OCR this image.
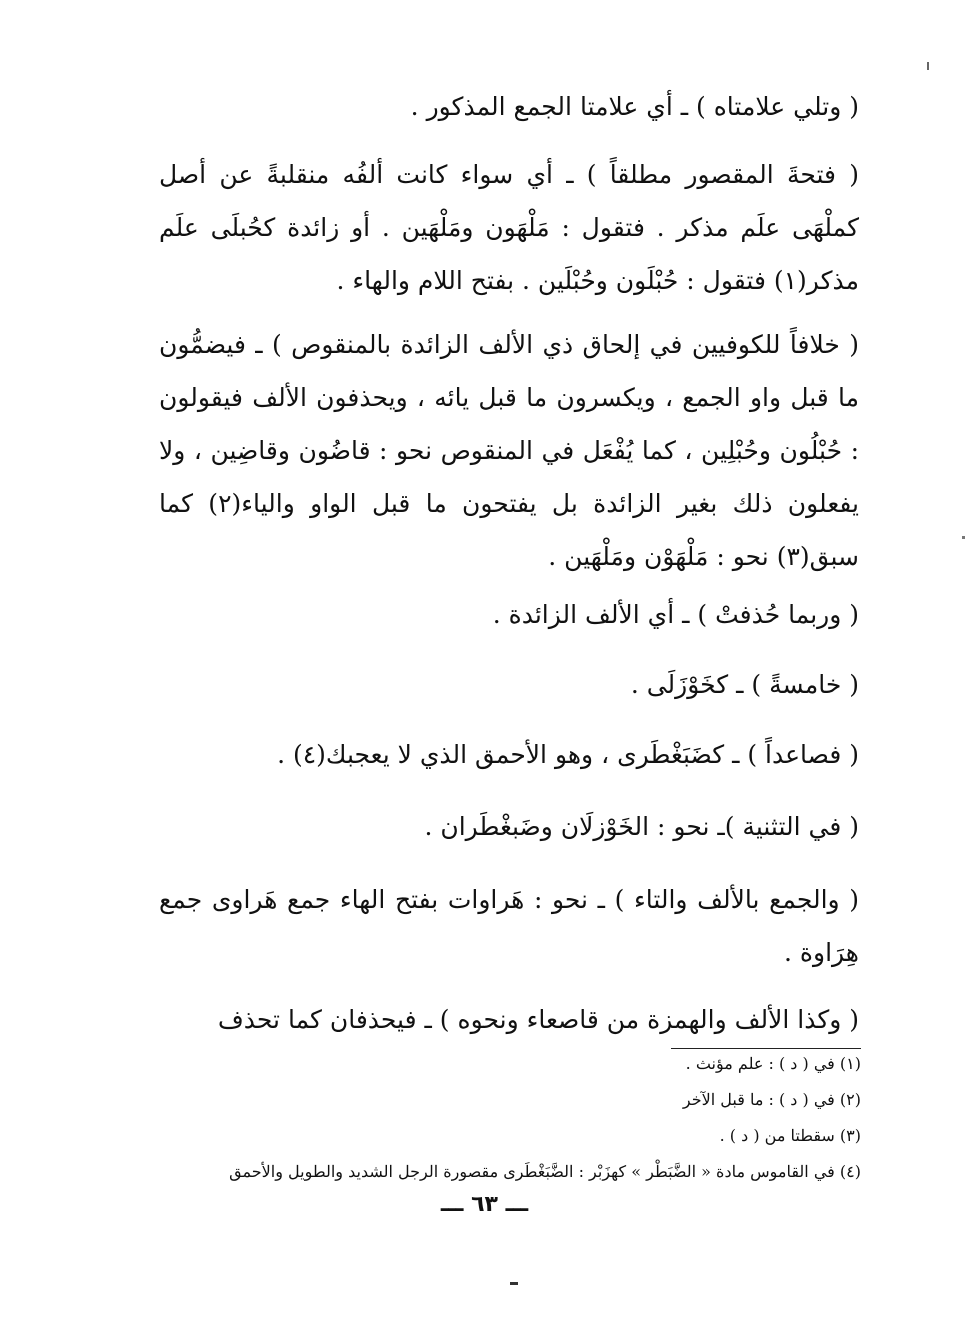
( وتلي علامتاه ) ـ أي علامتا الجمع المذكور .

( فتحةَ المقصور مطلقاً ) ـ أي سواء كانت ألفُه منقلبةً عن أصل كملْهَى علَم مذكر . فتقول : مَلْهَون ومَلْهَين . أو زائدة كحُبلَى علَم مذكر(١) فتقول : حُبْلَون وحُبْلَين . بفتح اللام والهاء .

( خلافاً للكوفيين في إلحاق ذي الألف الزائدة بالمنقوص ) ـ فيضمُّون ما قبل واو الجمع ، ويكسرون ما قبل يائه ، ويحذفون الألف فيقولون : حُبْلُون وحُبْلِين ، كما يُفْعَل في المنقوص نحو : قاضُون وقاضِين ، ولا يفعلون ذلك بغير الزائدة بل يفتحون ما قبل الواو والياء(٢) كما سبق(٣) نحو : مَلْهَوْن ومَلْهَين .

( وربما حُذفتْ ) ـ أي الألف الزائدة .

( خامسةً ) ـ كخَوْزَلَى .

( فصاعداً ) ـ كضَبَغْطَرى ، وهو الأحمق الذي لا يعجبك(٤) .

( في التثنية )ـ نحو : الخَوْزلَان وضَبغْطَران .

( والجمع بالألف والتاء ) ـ نحو : هَراوات بفتح الهاء جمع هَراوى جمع هِرَاوة .

( وكذا الألف والهمزة من قاصعاء ونحوه ) ـ فيحذفان كما تحذف

(١) في ( د ) : علم مؤنث .
(٢) في ( د ) : ما قبل الآخر
(٣) سقطتا من ( د ) .
(٤) في القاموس مادة « الضَّبَطْر » كهزَبْر : الضَّبَغْطَرى مقصورة الرجل الشديد والطويل والأحمق
ـــ ٦٣ ـــ
